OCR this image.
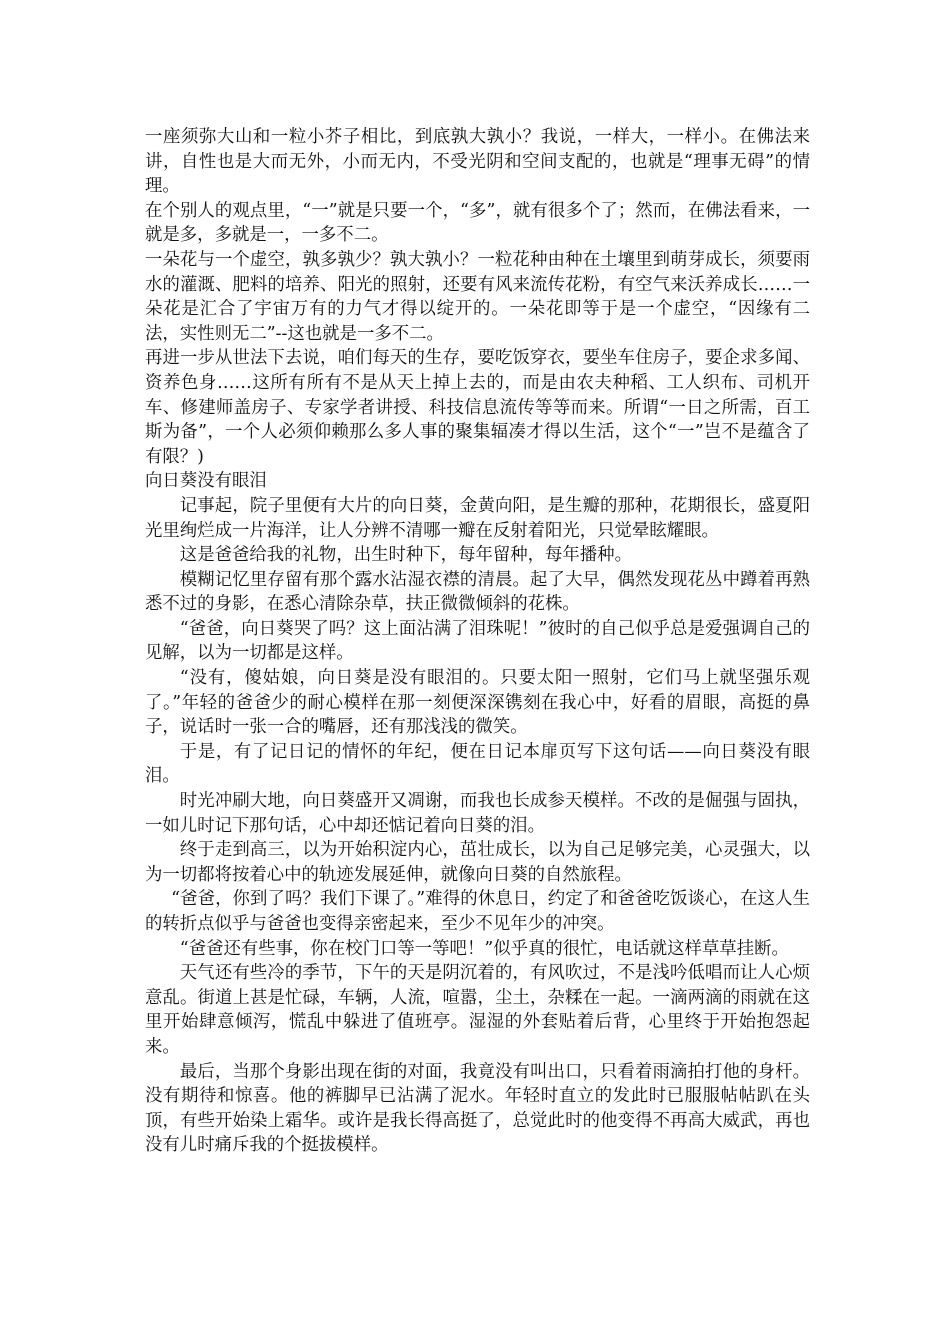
一座须弥大山和一粒小芥子相比，到底孰大孰小？我说，一样大，一样小。在佛法来讲，自性也是大而无外，小而无内，不受光阴和空间支配的，也就是“理事无碍”的情理。

在个别人的观点里，“一”就是只要一个，“多”，就有很多个了；然而，在佛法看来，一就是多，多就是一，一多不二。

一朵花与一个虚空，孰多孰少？孰大孰小？一粒花种由种在土壤里到萌芽成长，须要雨水的灌溉、肥料的培养、阳光的照射，还要有风来流传花粉，有空气来沃养成长……一朵花是汇合了宇宙万有的力气才得以绽开的。一朵花即等于是一个虚空，“因缘有二法，实性则无二”--这也就是一多不二。

再进一步从世法下去说，咱们每天的生存，要吃饭穿衣，要坐车住房子，要企求多闻、资养色身……这所有所有不是从天上掉上去的，而是由农夫种稻、工人织布、司机开车、修建师盖房子、专家学者讲授、科技信息流传等等而来。所谓“一日之所需，百工斯为备”，一个人必须仰赖那么多人事的聚集辐凑才得以生活，这个“一”岂不是蕴含了有限？)

向日葵没有眼泪

记事起，院子里便有大片的向日葵，金黄向阳，是生瓣的那种，花期很长，盛夏阳光里绚烂成一片海洋，让人分辨不清哪一瓣在反射着阳光，只觉晕眩耀眼。

这是爸爸给我的礼物，出生时种下，每年留种，每年播种。

模糊记忆里存留有那个露水沾湿衣襟的清晨。起了大早，偶然发现花丛中蹲着再熟悉不过的身影，在悉心清除杂草，扶正微微倾斜的花株。

“爸爸，向日葵哭了吗？这上面沾满了泪珠呢！”彼时的自己似乎总是爱强调自己的见解，以为一切都是这样。

“没有，傻姑娘，向日葵是没有眼泪的。只要太阳一照射，它们马上就坚强乐观了。”年轻的爸爸少的耐心模样在那一刻便深深镌刻在我心中，好看的眉眼，高挺的鼻子，说话时一张一合的嘴唇，还有那浅浅的微笑。

于是，有了记日记的情怀的年纪，便在日记本扉页写下这句话——向日葵没有眼泪。

时光冲刷大地，向日葵盛开又凋谢，而我也长成参天模样。不改的是倔强与固执，一如儿时记下那句话，心中却还惦记着向日葵的泪。

终于走到高三，以为开始积淀内心，茁壮成长，以为自己足够完美，心灵强大，以为一切都将按着心中的轨迹发展延伸，就像向日葵的自然旅程。

“爸爸，你到了吗？我们下课了。”难得的休息日，约定了和爸爸吃饭谈心，在这人生的转折点似乎与爸爸也变得亲密起来，至少不见年少的冲突。

“爸爸还有些事，你在校门口等一等吧！”似乎真的很忙，电话就这样草草挂断。

天气还有些冷的季节，下午的天是阴沉着的，有风吹过，不是浅吟低唱而让人心烦意乱。街道上甚是忙碌，车辆，人流，喧嚣，尘土，杂糅在一起。一滴两滴的雨就在这里开始肆意倾泻，慌乱中躲进了值班亭。湿湿的外套贴着后背，心里终于开始抱怨起来。

最后，当那个身影出现在街的对面，我竟没有叫出口，只看着雨滴拍打他的身杆。没有期待和惊喜。他的裤脚早已沾满了泥水。年轻时直立的发此时已服服帖帖趴在头顶，有些开始染上霜华。或许是我长得高挺了，总觉此时的他变得不再高大威武，再也没有儿时痛斥我的个挺拔模样。
